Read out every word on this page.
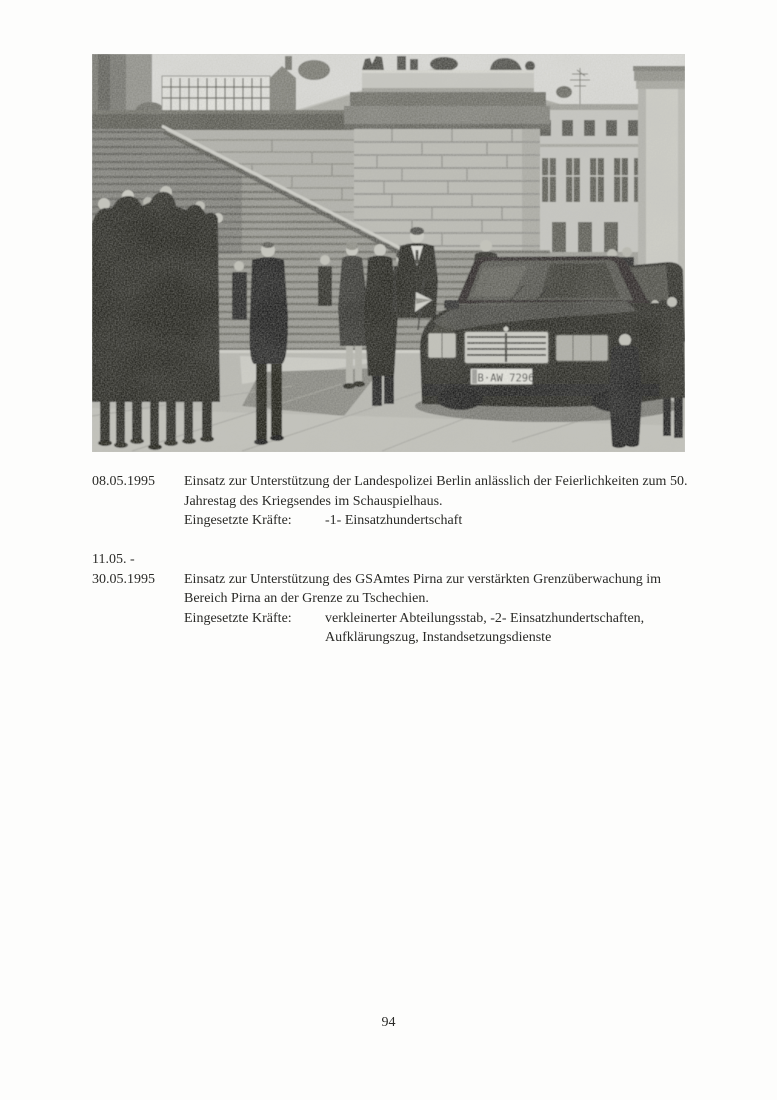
B·AW 7296
08.05.1995	Einsatz zur Unterstützung der Landespolizei Berlin anlässlich der Feierlichkeiten zum 50.
Jahrestag des Kriegsendes im Schauspielhaus.
Eingesetzte Kräfte:	-1- Einsatzhundertschaft
11.05. -
30.05.1995	Einsatz zur Unterstützung des GSAmtes Pirna zur verstärkten Grenzüberwachung im
Bereich Pirna an der Grenze zu Tschechien.
Eingesetzte Kräfte:	verkleinerter Abteilungsstab, -2- Einsatzhundertschaften,
Aufklärungszug, Instandsetzungsdienste
94
